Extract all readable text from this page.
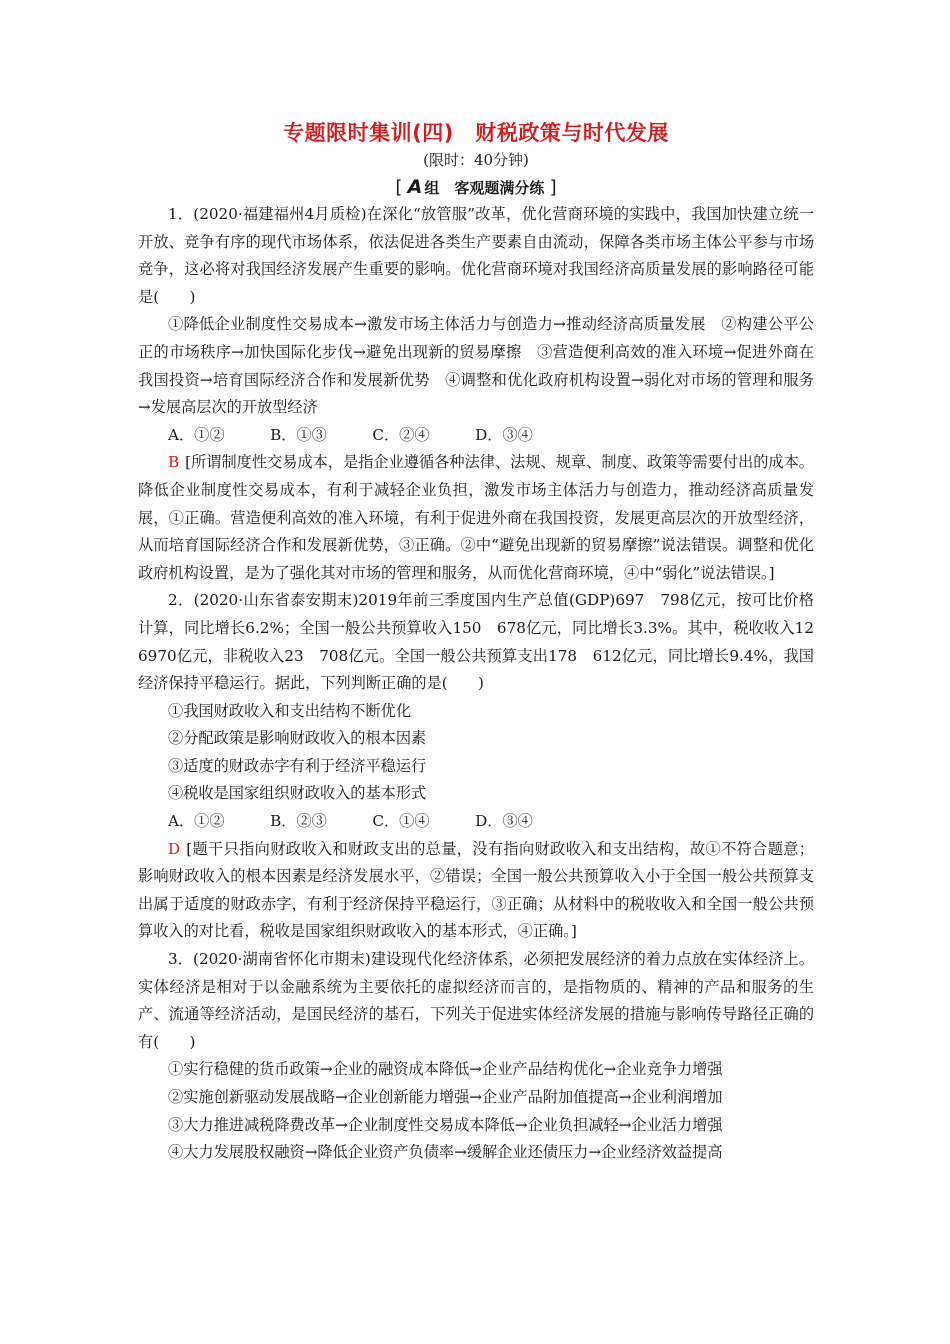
专题限时集训(四)　财税政策与时代发展
(限时：40分钟)
[ A 组　客观题满分练 ]

1．(2020·福建福州4月质检)在深化“放管服”改革，优化营商环境的实践中，我国加快建立统一开放、竞争有序的现代市场体系，依法促进各类生产要素自由流动，保障各类市场主体公平参与市场竞争，这必将对我国经济发展产生重要的影响。优化营商环境对我国经济高质量发展的影响路径可能是(　　)

①降低企业制度性交易成本→激发市场主体活力与创造力→推动经济高质量发展　②构建公平公正的市场秩序→加快国际化步伐→避免出现新的贸易摩擦　③营造便利高效的准入环境→促进外商在我国投资→培育国际经济合作和发展新优势　④调整和优化政府机构设置→弱化对市场的管理和服务→发展高层次的开放型经济

A．①②　　　B．①③　　　C．②④　　　D．③④

B [所谓制度性交易成本，是指企业遵循各种法律、法规、规章、制度、政策等需要付出的成本。降低企业制度性交易成本，有利于减轻企业负担，激发市场主体活力与创造力，推动经济高质量发展，①正确。营造便利高效的准入环境，有利于促进外商在我国投资，发展更高层次的开放型经济，从而培育国际经济合作和发展新优势，③正确。②中“避免出现新的贸易摩擦”说法错误。调整和优化政府机构设置，是为了强化其对市场的管理和服务，从而优化营商环境，④中“弱化”说法错误。]

2．(2020·山东省泰安期末)2019年前三季度国内生产总值(GDP)697　798亿元，按可比价格计算，同比增长6.2%；全国一般公共预算收入150　678亿元，同比增长3.3%。其中，税收收入12　6970亿元，非税收入23　708亿元。全国一般公共预算支出178　612亿元，同比增长9.4%，我国经济保持平稳运行。据此，下列判断正确的是(　　)

①我国财政收入和支出结构不断优化

②分配政策是影响财政收入的根本因素

③适度的财政赤字有利于经济平稳运行

④税收是国家组织财政收入的基本形式

A．①②　　　B．②③　　　C．①④　　　D．③④

D [题干只指向财政收入和财政支出的总量，没有指向财政收入和支出结构，故①不符合题意；影响财政收入的根本因素是经济发展水平，②错误；全国一般公共预算收入小于全国一般公共预算支出属于适度的财政赤字，有利于经济保持平稳运行，③正确；从材料中的税收收入和全国一般公共预算收入的对比看，税收是国家组织财政收入的基本形式，④正确。]

3．(2020·湖南省怀化市期末)建设现代化经济体系，必须把发展经济的着力点放在实体经济上。实体经济是相对于以金融系统为主要依托的虚拟经济而言的，是指物质的、精神的产品和服务的生产、流通等经济活动，是国民经济的基石，下列关于促进实体经济发展的措施与影响传导路径正确的有(　　)

①实行稳健的货币政策→企业的融资成本降低→企业产品结构优化→企业竞争力增强

②实施创新驱动发展战略→企业创新能力增强→企业产品附加值提高→企业利润增加

③大力推进减税降费改革→企业制度性交易成本降低→企业负担减轻→企业活力增强

④大力发展股权融资→降低企业资产负债率→缓解企业还债压力→企业经济效益提高
